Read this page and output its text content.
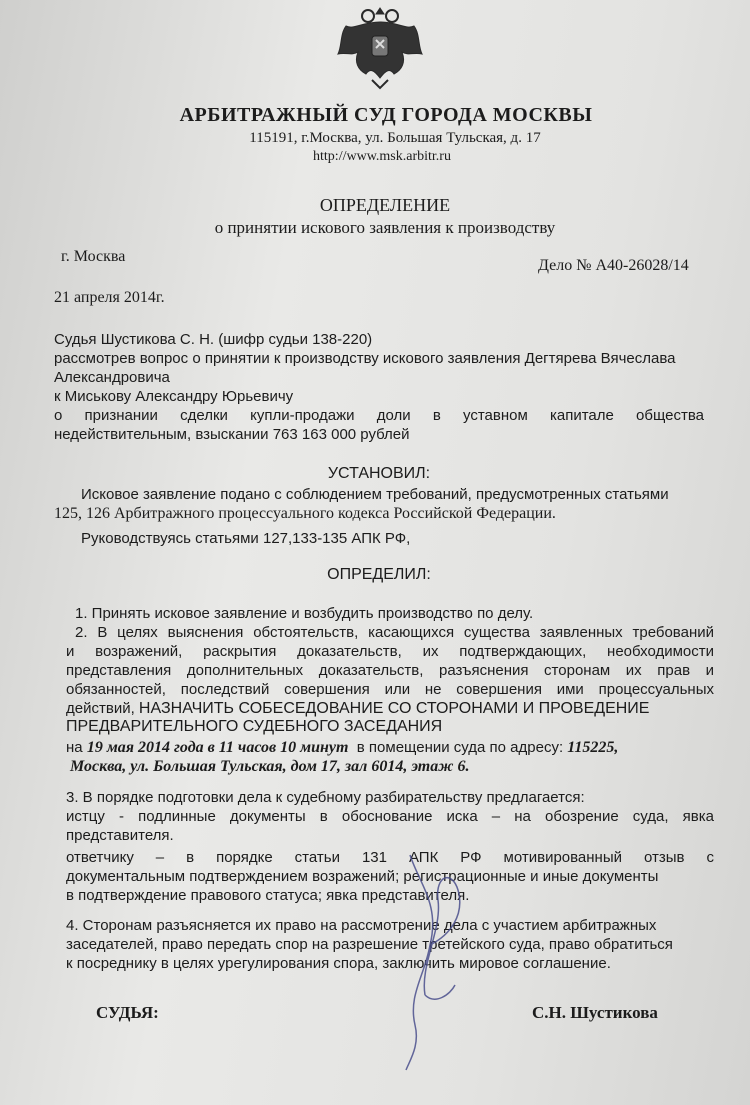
АРБИТРАЖНЫЙ СУД ГОРОДА МОСКВЫ
115191, г.Москва, ул. Большая Тульская, д. 17
http://www.msk.arbitr.ru
ОПРЕДЕЛЕНИЕ
о принятии искового заявления к производству
г. Москва
Дело № А40-26028/14
21 апреля 2014г.
Судья Шустикова С. Н. (шифр судьи 138-220)
рассмотрев вопрос о принятии к производству искового заявления Дегтярева Вячеслава
Александровича
к Миськову Александру Юрьевичу
о признании сделки купли-продажи доли в уставном капитале общества
недействительным, взыскании 763 163 000 рублей
УСТАНОВИЛ:
Исковое заявление подано с соблюдением требований, предусмотренных статьями
125, 126 Арбитражного процессуального кодекса Российской Федерации.
Руководствуясь статьями 127,133-135 АПК РФ,
ОПРЕДЕЛИЛ:
1. Принять исковое заявление и возбудить производство по делу.
2. В целях выяснения обстоятельств, касающихся существа заявленных требований
и возражений, раскрытия доказательств, их подтверждающих, необходимости
представления дополнительных доказательств, разъяснения сторонам их прав и
обязанностей, последствий совершения или не совершения ими процессуальных
действий, НАЗНАЧИТЬ СОБЕСЕДОВАНИЕ СО СТОРОНАМИ И ПРОВЕДЕНИЕ
ПРЕДВАРИТЕЛЬНОГО СУДЕБНОГО ЗАСЕДАНИЯ
на 19 мая 2014 года в 11 часов 10 минут в помещении суда по адресу: 115225,
Москва, ул. Большая Тульская, дом 17, зал 6014, этаж 6.
3. В порядке подготовки дела к судебному разбирательству предлагается:
истцу - подлинные документы в обоснование иска – на обозрение суда, явка
представителя.
ответчику – в порядке статьи 131 АПК РФ мотивированный отзыв с
документальным подтверждением возражений; регистрационные и иные документы
в подтверждение правового статуса; явка представителя.
4. Сторонам разъясняется их право на рассмотрение дела с участием арбитражных
заседателей, право передать спор на разрешение третейского суда, право обратиться
к посреднику в целях урегулирования спора, заключить мировое соглашение.
СУДЬЯ:	С.Н. Шустикова
